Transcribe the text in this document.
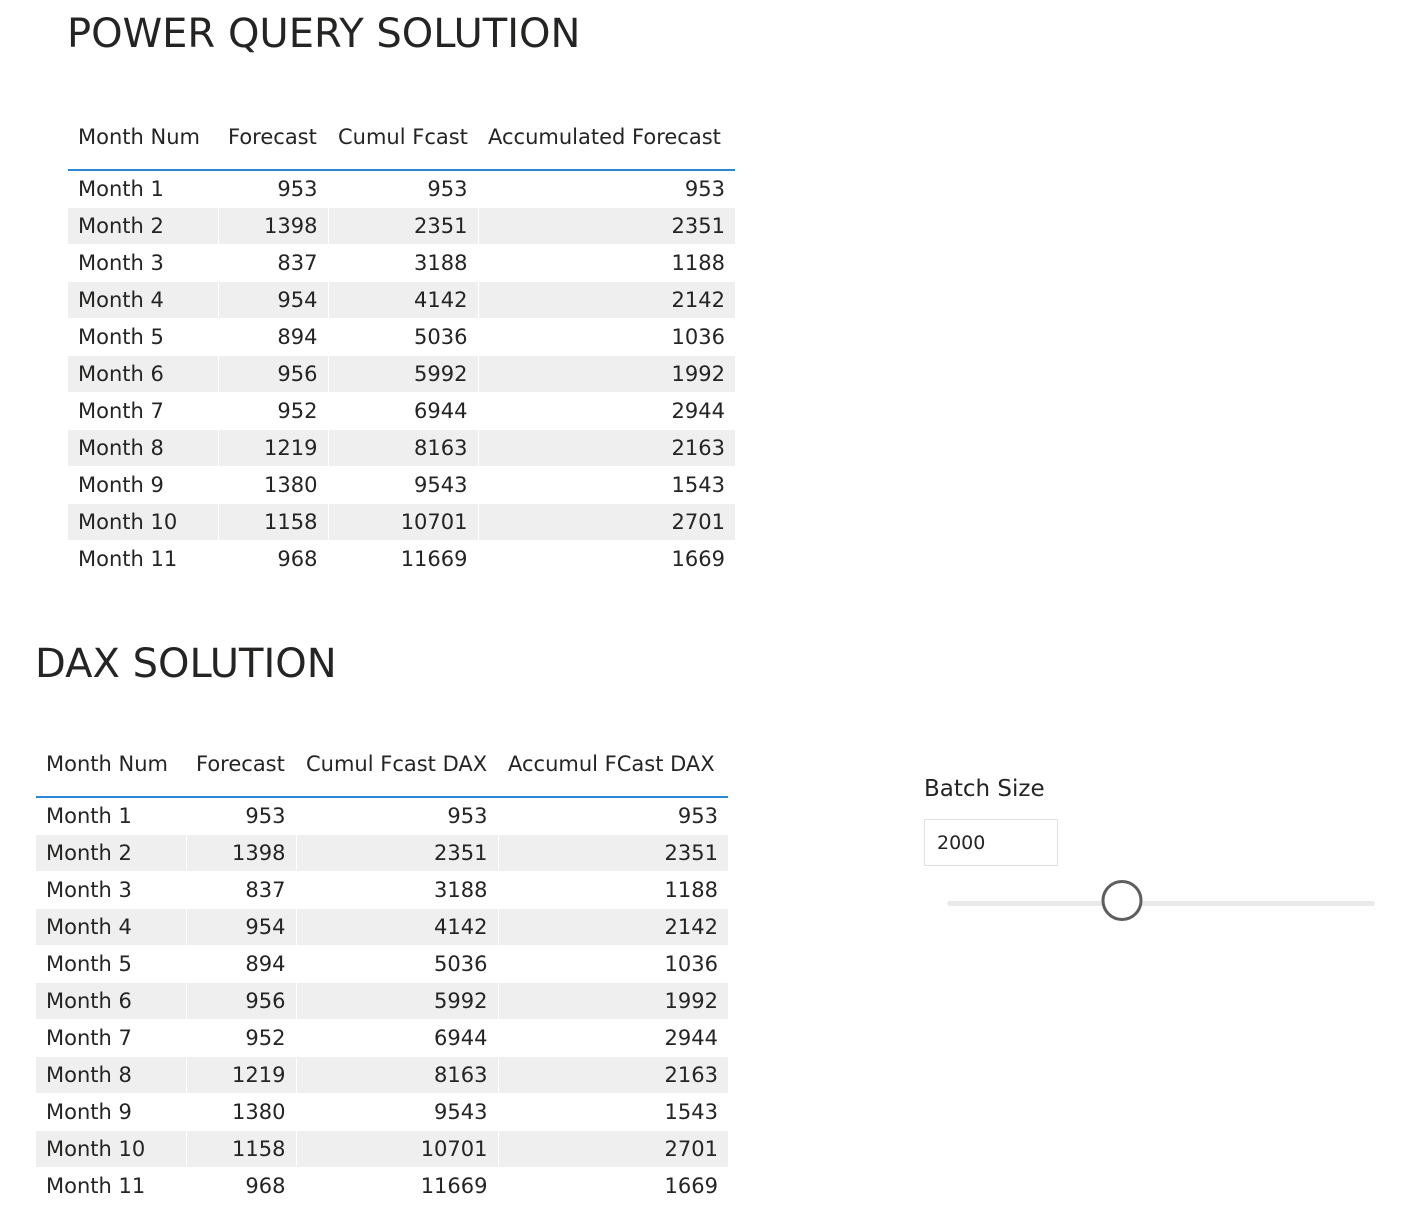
POWER QUERY SOLUTION
Month Num	Forecast	Cumul Fcast	Accumulated Forecast
Month 1	953	953	953
Month 2	1398	2351	2351
Month 3	837	3188	1188
Month 4	954	4142	2142
Month 5	894	5036	1036
Month 6	956	5992	1992
Month 7	952	6944	2944
Month 8	1219	8163	2163
Month 9	1380	9543	1543
Month 10	1158	10701	2701
Month 11	968	11669	1669
DAX SOLUTION
Month Num	Forecast	Cumul Fcast DAX	Accumul FCast DAX
Month 1	953	953	953
Month 2	1398	2351	2351
Month 3	837	3188	1188
Month 4	954	4142	2142
Month 5	894	5036	1036
Month 6	956	5992	1992
Month 7	952	6944	2944
Month 8	1219	8163	2163
Month 9	1380	9543	1543
Month 10	1158	10701	2701
Month 11	968	11669	1669
Batch Size
2000
